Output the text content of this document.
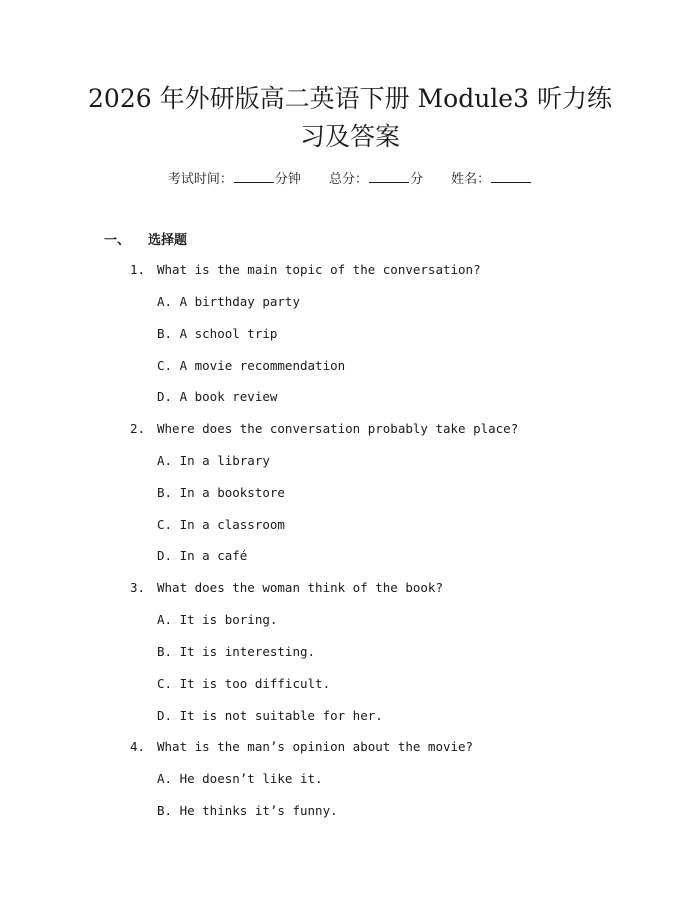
2026 年外研版高二英语下册 Module3 听力练
习及答案
考试时间：	分钟 总分：	分 姓名：
一、 选择题
1. What is the main topic of the conversation?
A. A birthday party
B. A school trip
C. A movie recommendation
D. A book review
2. Where does the conversation probably take place?
A. In a library
B. In a bookstore
C. In a classroom
D. In a café
3. What does the woman think of the book?
A. It is boring.
B. It is interesting.
C. It is too difficult.
D. It is not suitable for her.
4. What is the man’s opinion about the movie?
A. He doesn’t like it.
B. He thinks it’s funny.
